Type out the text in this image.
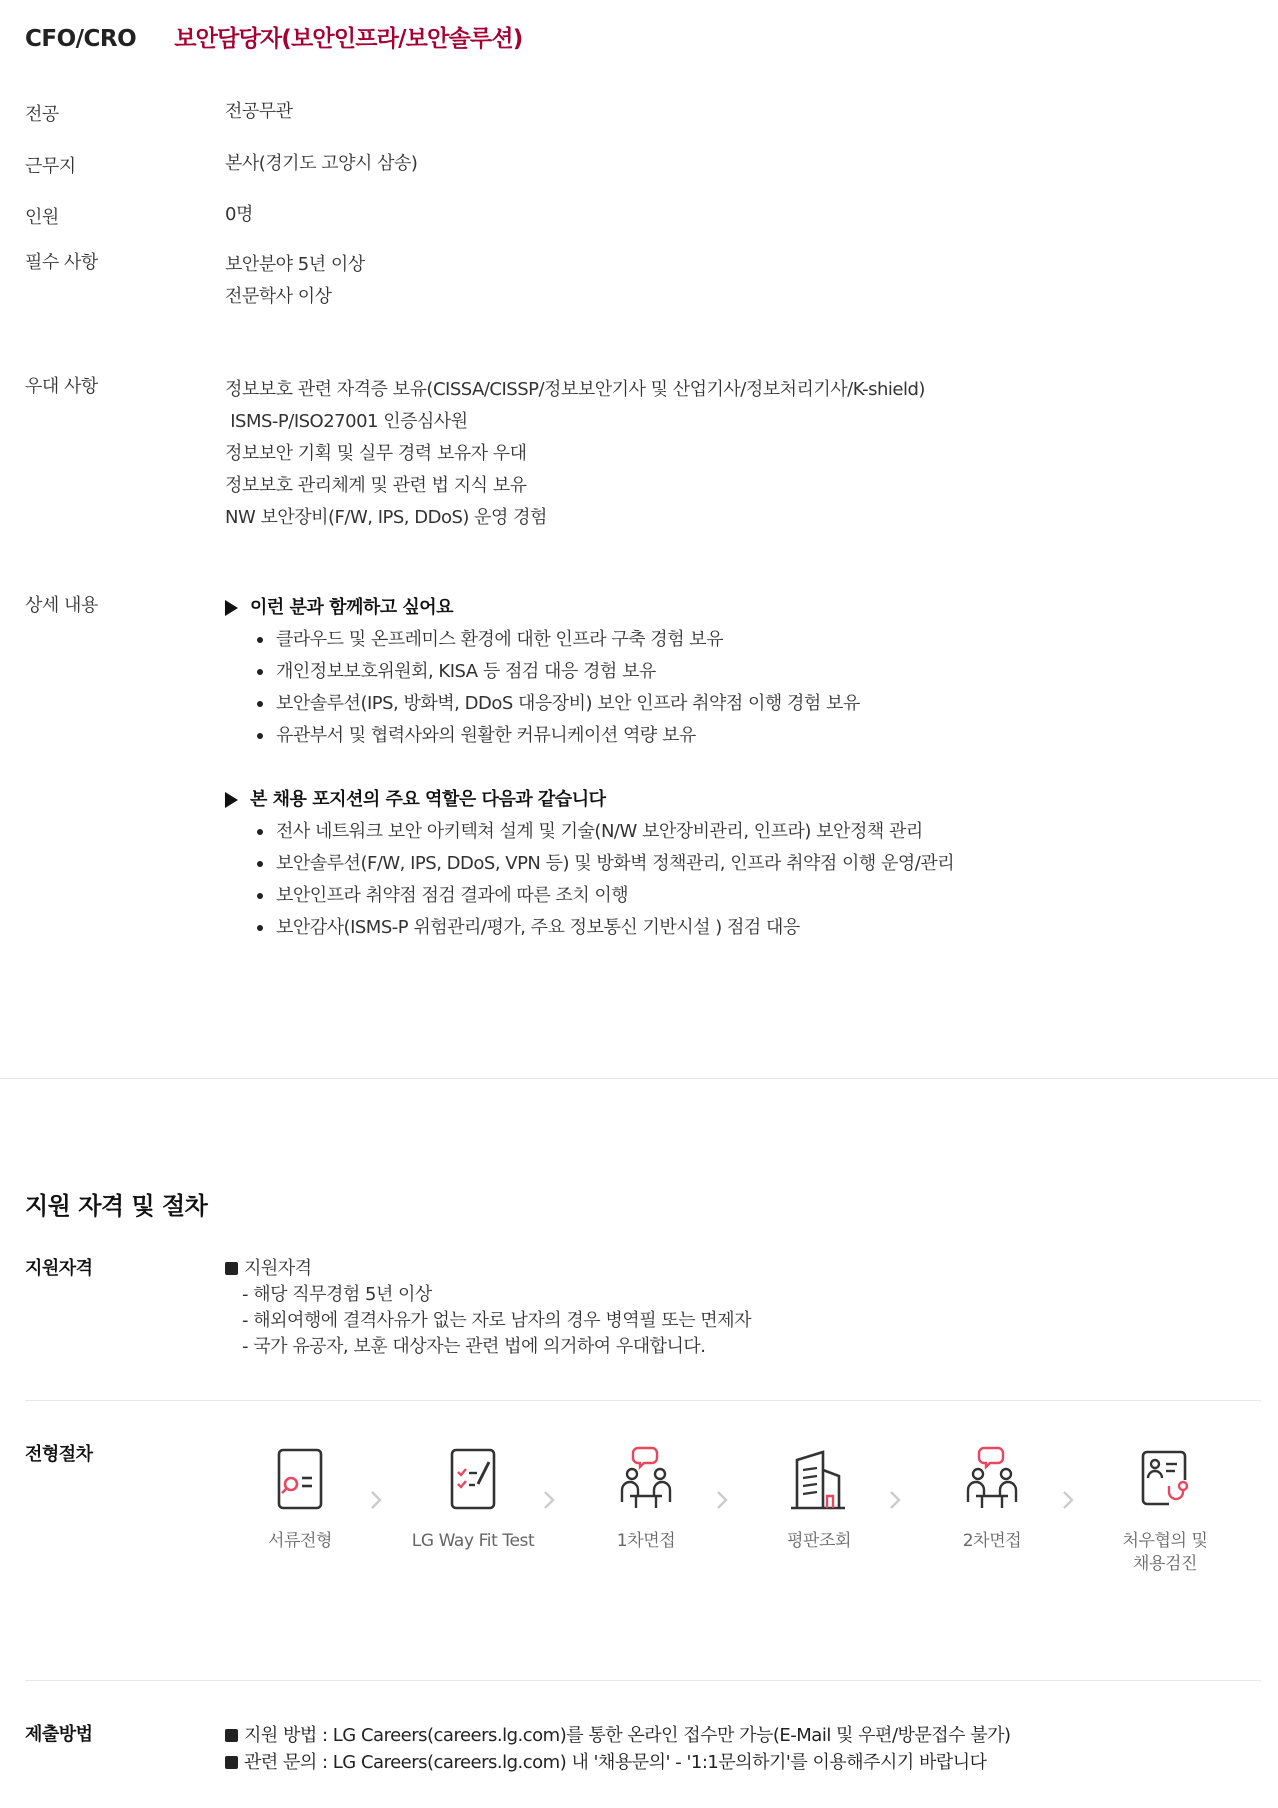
CFO/CRO 보안담당자(보안인프라/보안솔루션)
전공	전공무관
근무지	본사(경기도 고양시 삼송)
인원	0명
필수 사항	보안분야 5년 이상
전문학사 이상
우대 사항	정보보호 관련 자격증 보유(CISSA/CISSP/정보보안기사 및 산업기사/정보처리기사/K-shield)
ISMS-P/ISO27001 인증심사원
정보보안 기획 및 실무 경력 보유자 우대
정보보호 관리체계 및 관련 법 지식 보유
NW 보안장비(F/W, IPS, DDoS) 운영 경험
상세 내용	이런 분과 함께하고 싶어요
클라우드 및 온프레미스 환경에 대한 인프라 구축 경험 보유
개인정보보호위원회, KISA 등 점검 대응 경험 보유
보안솔루션(IPS, 방화벽, DDoS 대응장비) 보안 인프라 취약점 이행 경험 보유
유관부서 및 협력사와의 원활한 커뮤니케이션 역량 보유
본 채용 포지션의 주요 역할은 다음과 같습니다
전사 네트워크 보안 아키텍쳐 설계 및 기술(N/W 보안장비관리, 인프라) 보안정책 관리
보안솔루션(F/W, IPS, DDoS, VPN 등) 및 방화벽 정책관리, 인프라 취약점 이행 운영/관리
보안인프라 취약점 점검 결과에 따른 조치 이행
보안감사(ISMS-P 위험관리/평가, 주요 정보통신 기반시설 ) 점검 대응
지원 자격 및 절차
지원자격	지원자격
- 해당 직무경험 5년 이상
- 해외여행에 결격사유가 없는 자로 남자의 경우 병역필 또는 면제자
- 국가 유공자, 보훈 대상자는 관련 법에 의거하여 우대합니다.
전형절차
서류전형	LG Way Fit Test	1차면접	평판조회	2차면접	처우협의 및
채용검진
제출방법	지원 방법 : LG Careers(careers.lg.com)를 통한 온라인 접수만 가능(E-Mail 및 우편/방문접수 불가)
관련 문의 : LG Careers(careers.lg.com) 내 '채용문의' - '1:1문의하기'를 이용해주시기 바랍니다
